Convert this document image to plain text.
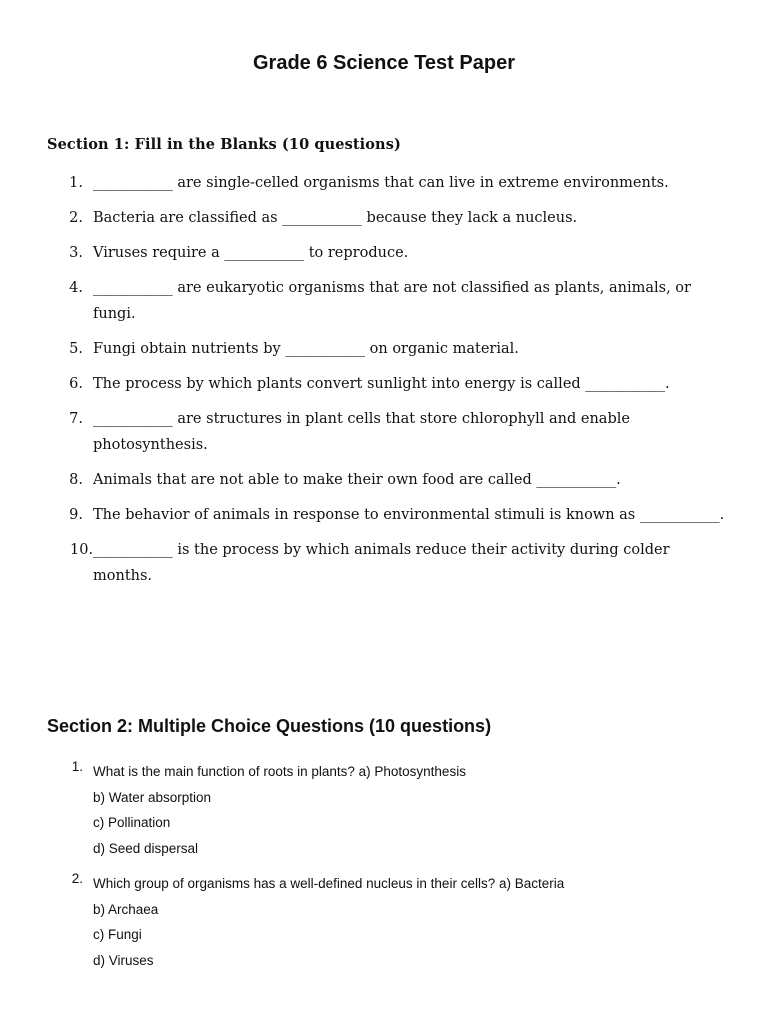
Grade 6 Science Test Paper
Section 1: Fill in the Blanks (10 questions)
1. ___________ are single-celled organisms that can live in extreme environments.
2. Bacteria are classified as ___________ because they lack a nucleus.
3. Viruses require a ___________ to reproduce.
4. ___________ are eukaryotic organisms that are not classified as plants, animals, or fungi.
5. Fungi obtain nutrients by ___________ on organic material.
6. The process by which plants convert sunlight into energy is called ___________.
7. ___________ are structures in plant cells that store chlorophyll and enable photosynthesis.
8. Animals that are not able to make their own food are called ___________.
9. The behavior of animals in response to environmental stimuli is known as ___________.
10. ___________ is the process by which animals reduce their activity during colder months.
Section 2: Multiple Choice Questions (10 questions)
1. What is the main function of roots in plants? a) Photosynthesis
b) Water absorption
c) Pollination
d) Seed dispersal
2. Which group of organisms has a well-defined nucleus in their cells? a) Bacteria
b) Archaea
c) Fungi
d) Viruses
